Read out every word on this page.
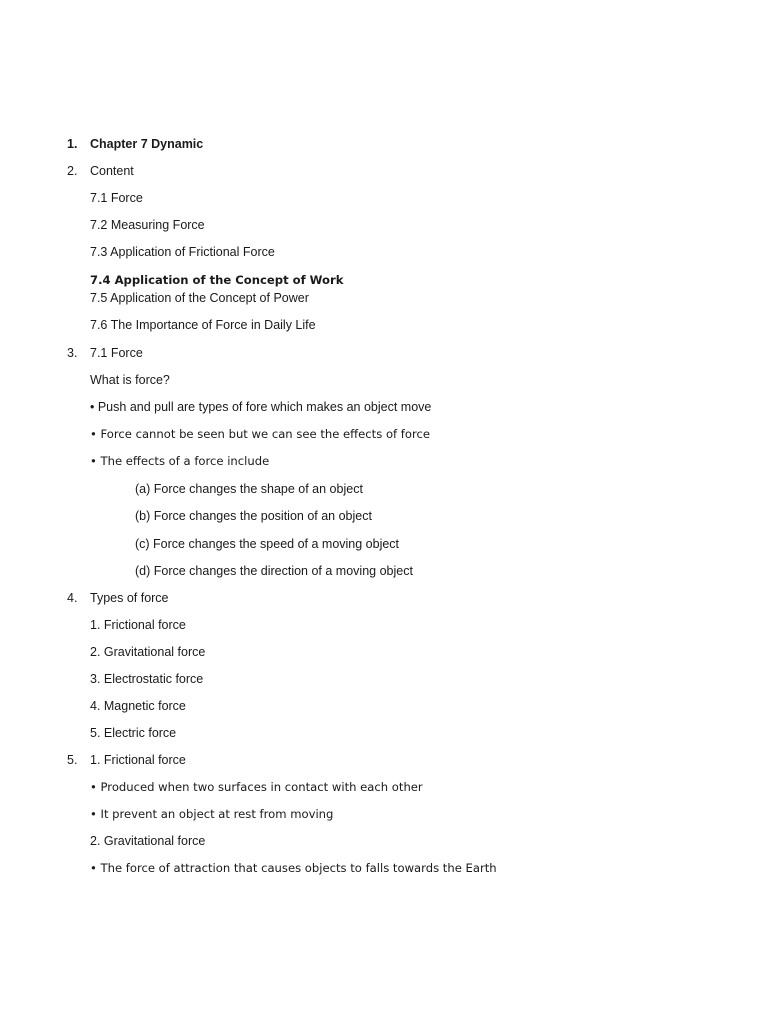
1. Chapter 7 Dynamic
2. Content
7.1 Force
7.2 Measuring Force
7.3 Application of Frictional Force
7.4 Application of the Concept of Work
7.5 Application of the Concept of Power
7.6 The Importance of Force in Daily Life
3. 7.1 Force
What is force?
• Push and pull are types of fore which makes an object move
• Force cannot be seen but we can see the effects of force
• The effects of a force include
(a) Force changes the shape of an object
(b) Force changes the position of an object
(c) Force changes the speed of a moving object
(d) Force changes the direction of a moving object
4. Types of force
1. Frictional force
2. Gravitational force
3. Electrostatic force
4. Magnetic force
5. Electric force
5. 1. Frictional force
• Produced when two surfaces in contact with each other
• It prevent an object at rest from moving
2. Gravitational force
• The force of attraction that causes objects to falls towards the Earth
